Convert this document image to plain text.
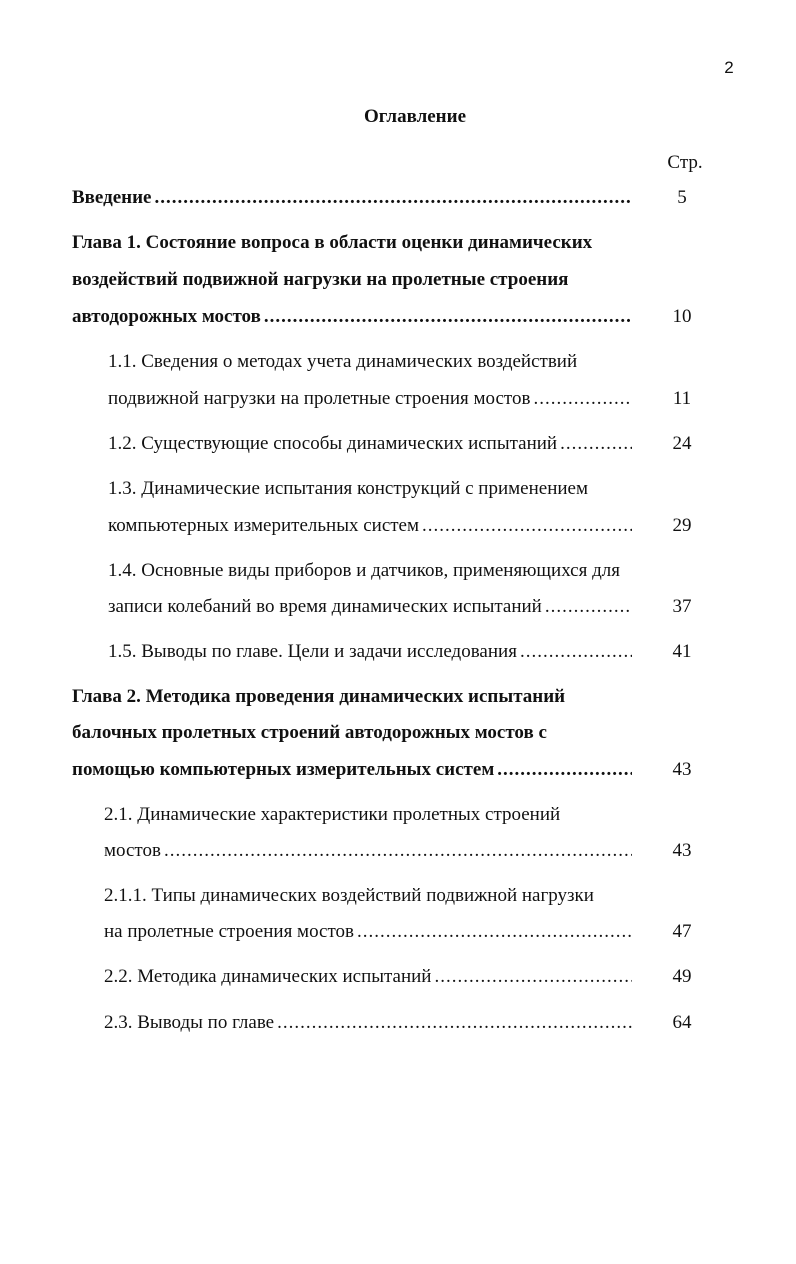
2
Оглавление
Стр.
Введение .....	5
Глава 1. Состояние вопроса в области оценки динамических
воздействий подвижной нагрузки на пролетные строения
автодорожных мостов .....	10
1.1. Сведения о методах учета динамических воздействий
подвижной нагрузки на пролетные строения мостов .....	11
1.2. Существующие способы динамических испытаний .....	24
1.3. Динамические испытания конструкций с применением
компьютерных измерительных систем .....	29
1.4. Основные виды приборов и датчиков, применяющихся для
записи колебаний во время динамических испытаний .....	37
1.5. Выводы по главе. Цели и задачи исследования .....	41
Глава 2. Методика проведения динамических испытаний
балочных пролетных строений автодорожных мостов с
помощью компьютерных измерительных систем .....	43
2.1. Динамические характеристики пролетных строений
мостов .....	43
2.1.1. Типы динамических воздействий подвижной нагрузки
на пролетные строения мостов .....	47
2.2. Методика динамических испытаний .....	49
2.3. Выводы по главе .....	64
